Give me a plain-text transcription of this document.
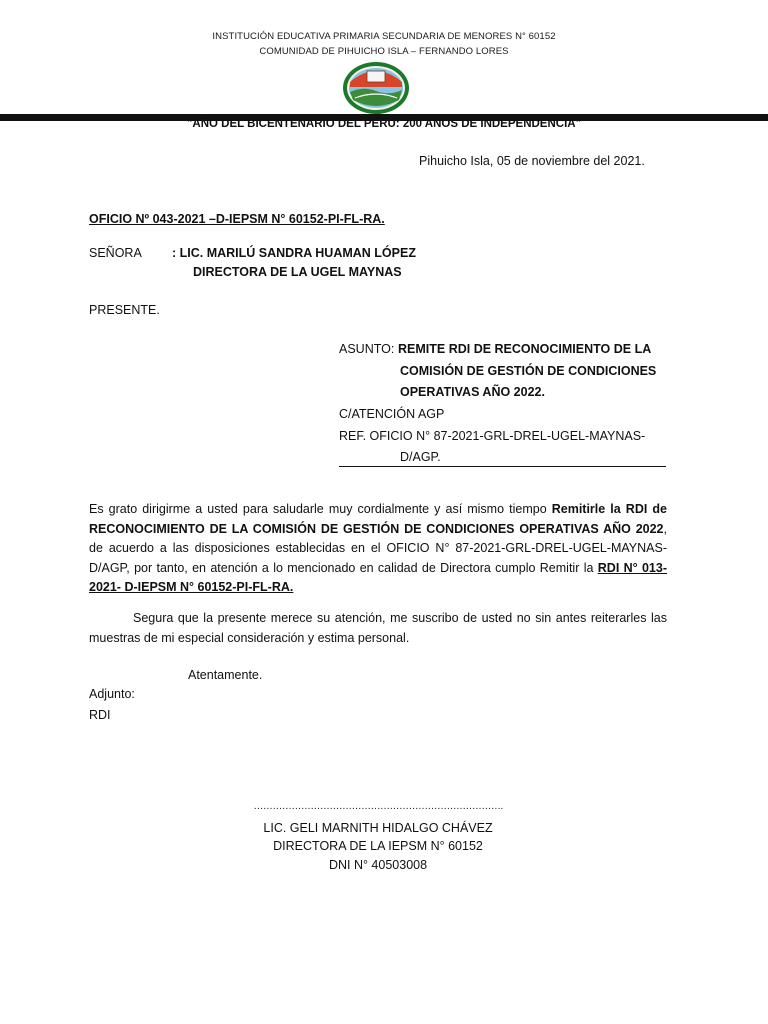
INSTITUCIÓN EDUCATIVA PRIMARIA SECUNDARIA DE MENORES N° 60152
COMUNIDAD DE PIHUICHO ISLA – FERNANDO LORES
"AÑO DEL BICENTENARIO DEL PERÚ: 200 AÑOS DE INDEPENDENCIA"
Pihuicho Isla, 05 de noviembre del 2021.
OFICIO Nº 043-2021 –D-IEPSM N° 60152-PI-FL-RA.
SEÑORA : LIC. MARILÚ SANDRA HUAMAN LÓPEZ
DIRECTORA DE LA UGEL MAYNAS
PRESENTE.
ASUNTO: REMITE RDI DE RECONOCIMIENTO DE LA
COMISIÓN DE GESTIÓN DE CONDICIONES
OPERATIVAS AÑO 2022.
C/ATENCIÓN AGP
REF. OFICIO N° 87-2021-GRL-DREL-UGEL-MAYNAS-
D/AGP.
Es grato dirigirme a usted para saludarle muy cordialmente y así mismo tiempo Remitirle la RDI de RECONOCIMIENTO DE LA COMISIÓN DE GESTIÓN DE CONDICIONES OPERATIVAS AÑO 2022, de acuerdo a las disposiciones establecidas en el OFICIO N° 87-2021-GRL-DREL-UGEL-MAYNAS-D/AGP, por tanto, en atención a lo mencionado en calidad de Directora cumplo Remitir la RDI N° 013-2021- D-IEPSM N° 60152-PI-FL-RA.
Segura que la presente merece su atención, me suscribo de usted no sin antes reiterarles las muestras de mi especial consideración y estima personal.
Atentamente.
Adjunto:
RDI
…………………………………………………………………….
LIC. GELI MARNITH HIDALGO CHÁVEZ
DIRECTORA DE LA IEPSM N° 60152
DNI N° 40503008
